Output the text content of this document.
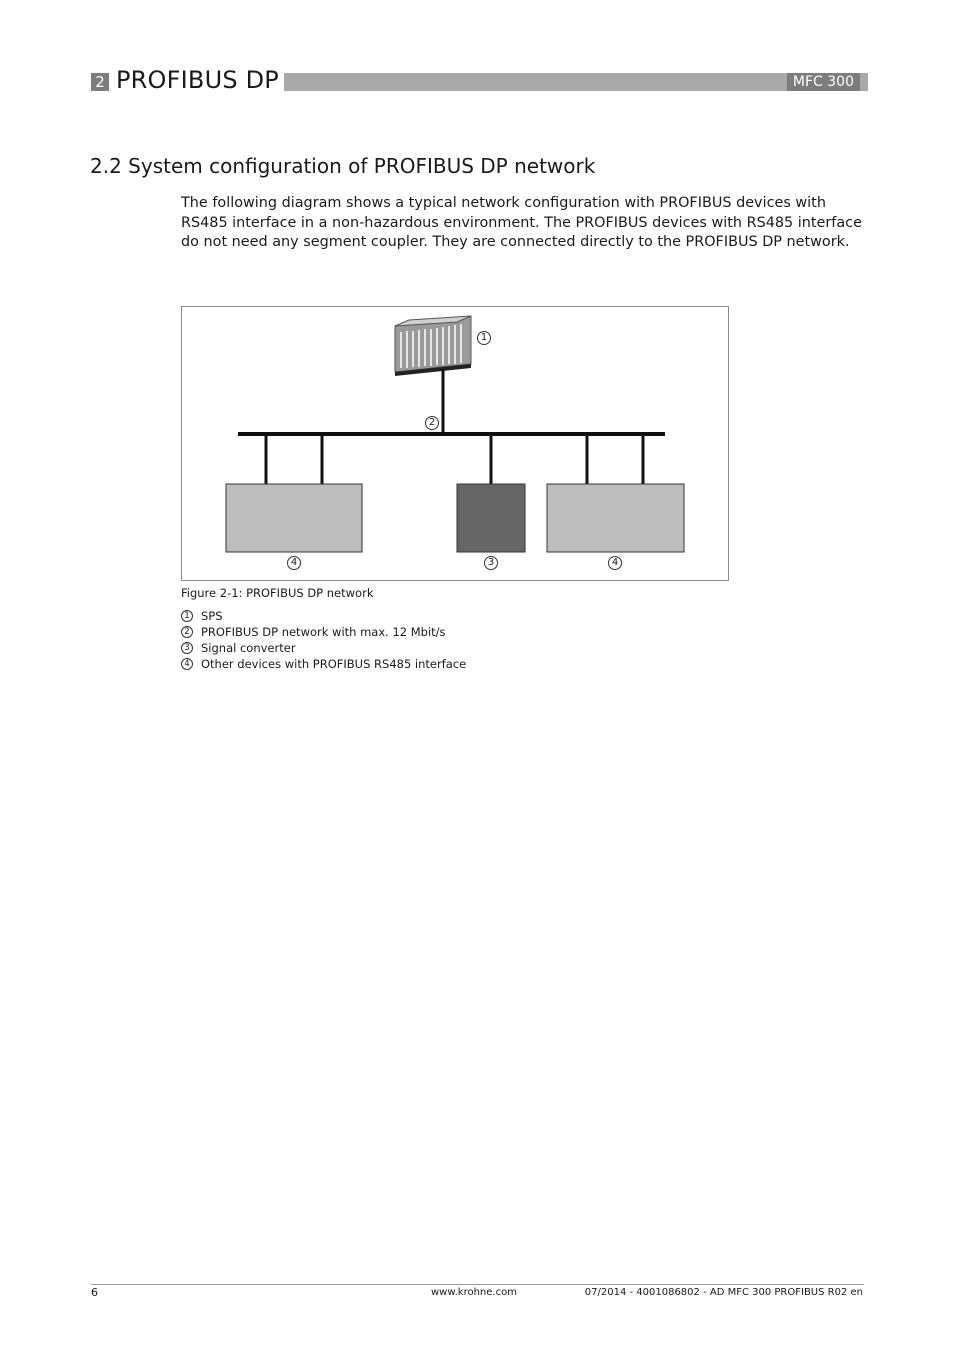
2 PROFIBUS DP	MFC 300
2.2 System configuration of PROFIBUS DP network
The following diagram shows a typical network configuration with PROFIBUS devices with RS485 interface in a non-hazardous environment. The PROFIBUS devices with RS485 interface do not need any segment coupler. They are connected directly to the PROFIBUS DP network.
1
2
4	3	4
Figure 2-1: PROFIBUS DP network
1 SPS
2 PROFIBUS DP network with max. 12 Mbit/s
3 Signal converter
4 Other devices with PROFIBUS RS485 interface
6	www.krohne.com	07/2014 - 4001086802 - AD MFC 300 PROFIBUS R02 en
